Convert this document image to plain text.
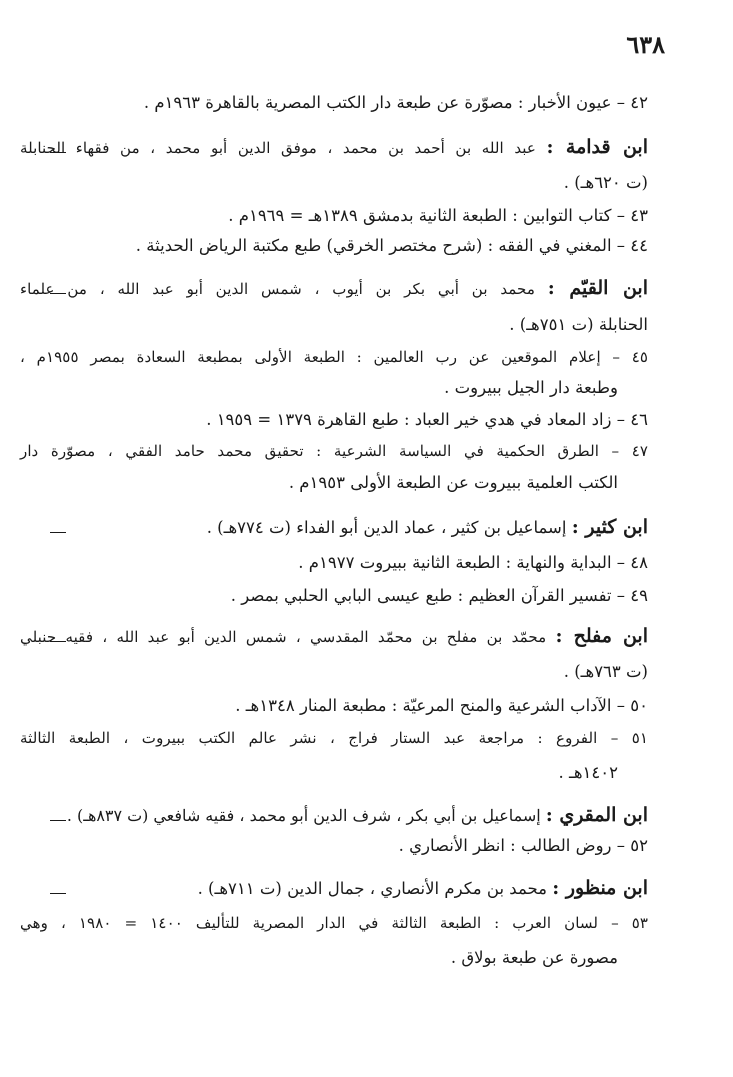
٦٣٨
٤٢ – عيون الأخبار : مصوّرة عن طبعة دار الكتب المصرية بالقاهرة ١٩٦٣م .
ابن قدامة : عبد الله بن أحمد بن محمد ، موفق الدين أبو محمد ، من فقهاء الحنابلة
(ت ٦٢٠هـ) .
٤٣ – كتاب التوابين : الطبعة الثانية بدمشق ١٣٨٩هـ = ١٩٦٩م .
٤٤ – المغني في الفقه : (شرح مختصر الخرقي) طبع مكتبة الرياض الحديثة .
ابن القيّم : محمد بن أبي بكر بن أيوب ، شمس الدين أبو عبد الله ، من علماء
الحنابلة (ت ٧٥١هـ) .
٤٥ – إعلام الموقعين عن رب العالمين : الطبعة الأولى بمطبعة السعادة بمصر ١٩٥٥م ،
وطبعة دار الجيل ببيروت .
٤٦ – زاد المعاد في هدي خير العباد : طبع القاهرة ١٣٧٩ = ١٩٥٩ .
٤٧ – الطرق الحكمية في السياسة الشرعية : تحقيق محمد حامد الفقي ، مصوّرة دار
الكتب العلمية ببيروت عن الطبعة الأولى ١٩٥٣م .
ابن كثير : إسماعيل بن كثير ، عماد الدين أبو الفداء (ت ٧٧٤هـ) .
٤٨ – البداية والنهاية : الطبعة الثانية ببيروت ١٩٧٧م .
٤٩ – تفسير القرآن العظيم : طبع عيسى البابي الحلبي بمصر .
ابن مفلح : محمّد بن مفلح بن محمّد المقدسي ، شمس الدين أبو عبد الله ، فقيه حنبلي
(ت ٧٦٣هـ) .
٥٠ – الآداب الشرعية والمنح المرعيّة : مطبعة المنار ١٣٤٨هـ .
٥١ – الفروع : مراجعة عبد الستار فراج ، نشر عالم الكتب ببيروت ، الطبعة الثالثة
١٤٠٢هـ .
ابن المقري : إسماعيل بن أبي بكر ، شرف الدين أبو محمد ، فقيه شافعي (ت ٨٣٧هـ) .
٥٢ – روض الطالب : انظر الأنصاري .
ابن منظور : محمد بن مكرم الأنصاري ، جمال الدين (ت ٧١١هـ) .
٥٣ – لسان العرب : الطبعة الثالثة في الدار المصرية للتأليف ١٤٠٠ = ١٩٨٠ ، وهي
مصورة عن طبعة بولاق .
